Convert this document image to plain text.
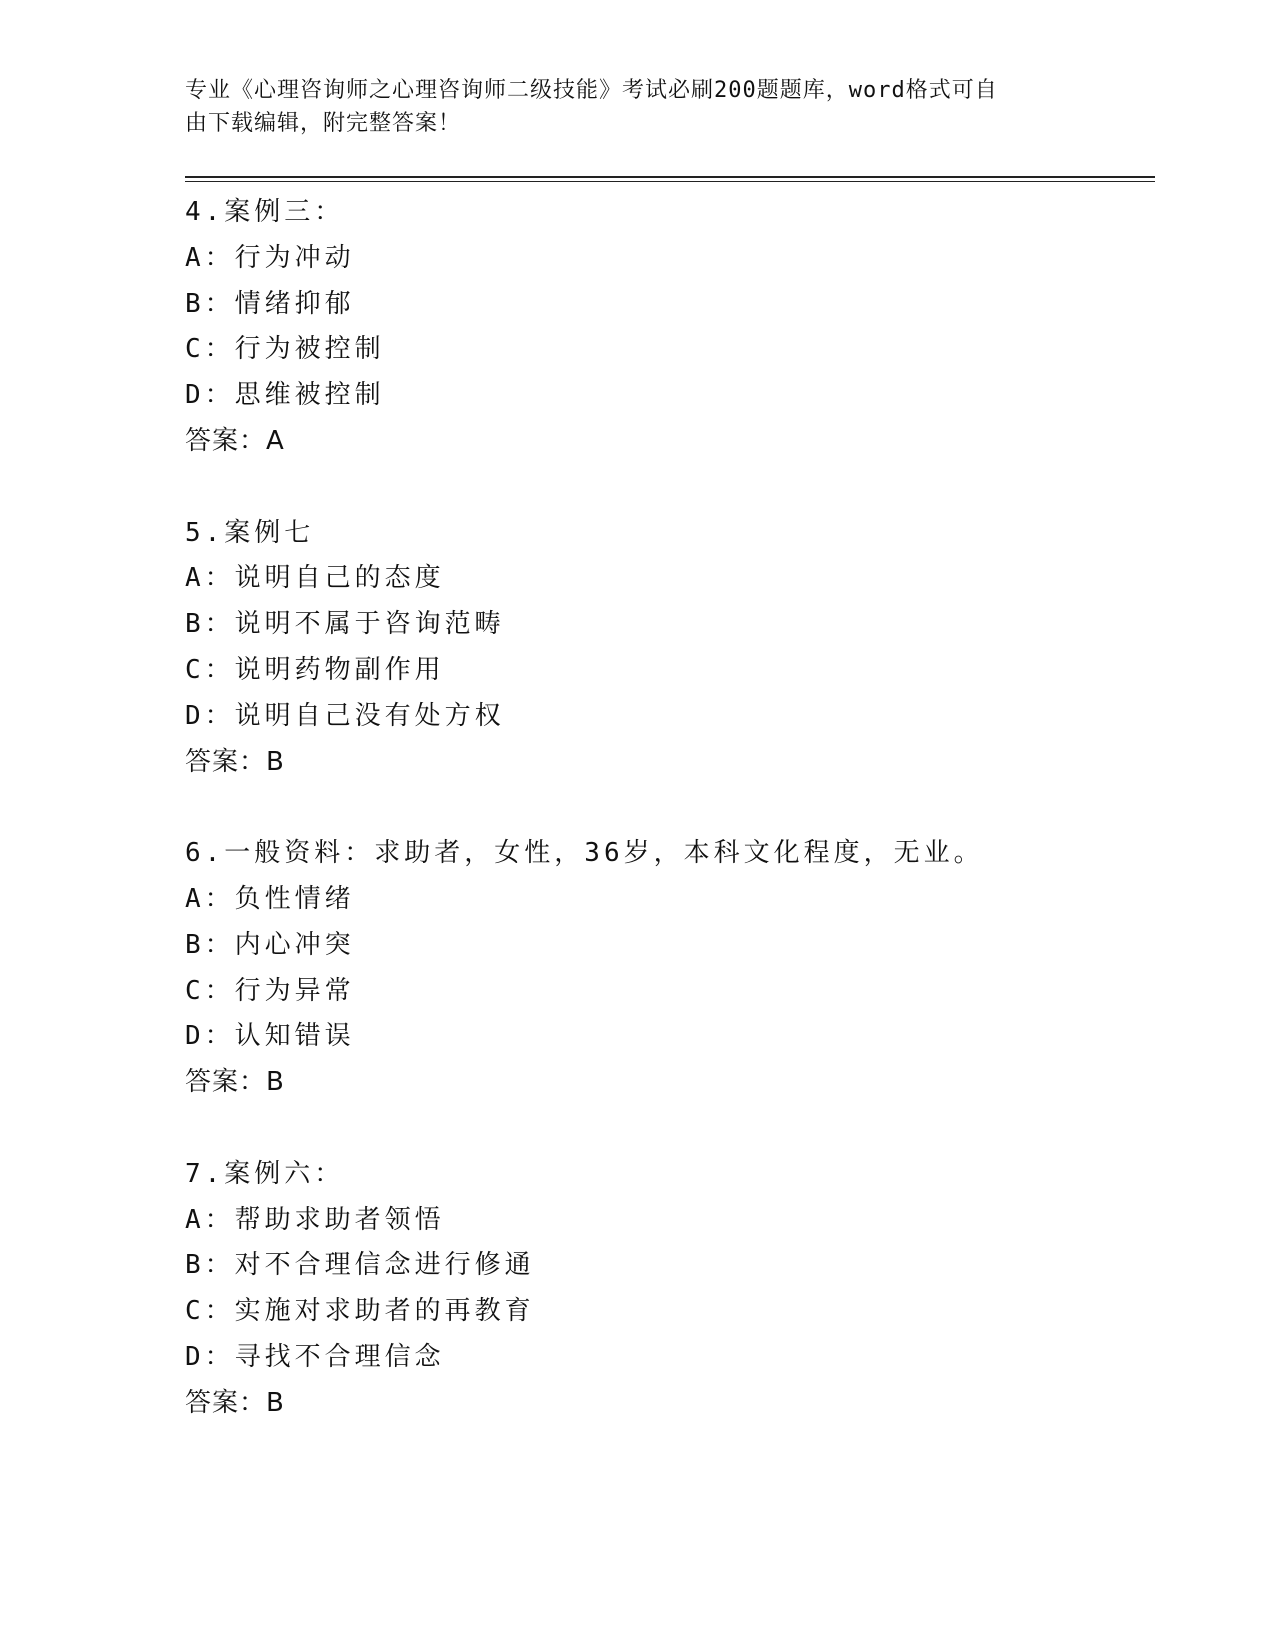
专业《心理咨询师之心理咨询师二级技能》考试必刷200题题库，word格式可自
由下载编辑，附完整答案！
4.案例三：
A：行为冲动
B：情绪抑郁
C：行为被控制
D：思维被控制
答案：A
5.案例七
A：说明自己的态度
B：说明不属于咨询范畴
C：说明药物副作用
D：说明自己没有处方权
答案：B
6.一般资料：求助者，女性，36岁，本科文化程度，无业。
A：负性情绪
B：内心冲突
C：行为异常
D：认知错误
答案：B
7.案例六：
A：帮助求助者领悟
B：对不合理信念进行修通
C：实施对求助者的再教育
D：寻找不合理信念
答案：B
